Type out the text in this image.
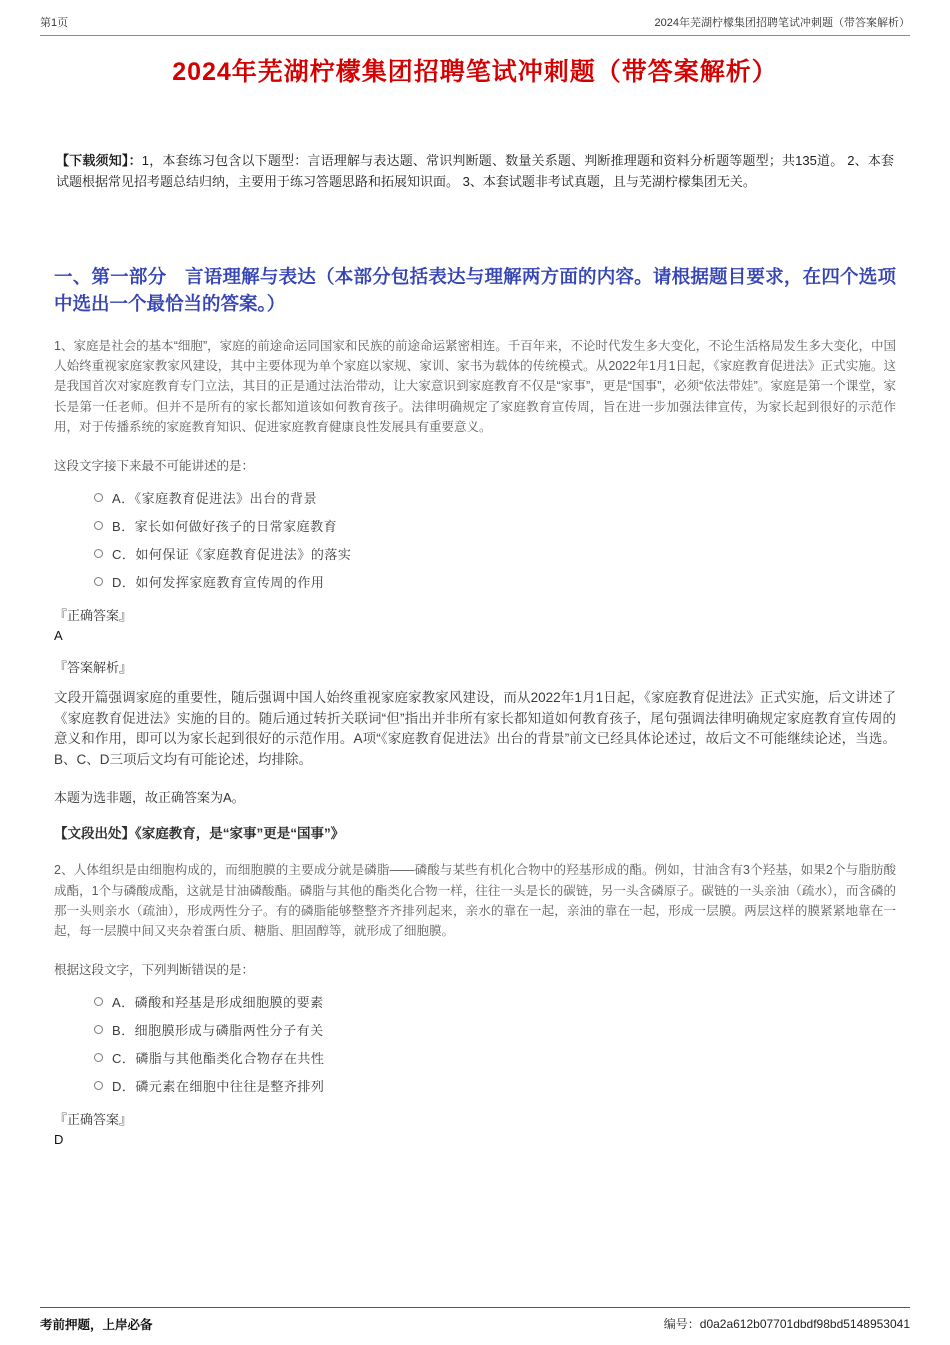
第1页	2024年芜湖柠檬集团招聘笔试冲刺题（带答案解析）
2024年芜湖柠檬集团招聘笔试冲刺题（带答案解析）

【下载须知】：1，本套练习包含以下题型：言语理解与表达题、常识判断题、数量关系题、判断推理题和资料分析题等题型；共135道。 2、本套试题根据常见招考题总结归纳，主要用于练习答题思路和拓展知识面。 3、本套试题非考试真题，且与芜湖柠檬集团无关。

一、第一部分　言语理解与表达（本部分包括表达与理解两方面的内容。请根据题目要求，在四个选项中选出一个最恰当的答案。）

1、家庭是社会的基本“细胞”，家庭的前途命运同国家和民族的前途命运紧密相连。千百年来，不论时代发生多大变化，不论生活格局发生多大变化，中国人始终重视家庭家教家风建设，其中主要体现为单个家庭以家规、家训、家书为载体的传统模式。从2022年1月1日起，《家庭教育促进法》正式实施。这是我国首次对家庭教育专门立法，其目的正是通过法治带动，让大家意识到家庭教育不仅是“家事”，更是“国事”，必须“依法带娃”。家庭是第一个课堂，家长是第一任老师。但并不是所有的家长都知道该如何教育孩子。法律明确规定了家庭教育宣传周，旨在进一步加强法律宣传，为家长起到很好的示范作用，对于传播系统的家庭教育知识、促进家庭教育健康良性发展具有重要意义。

这段文字接下来最不可能讲述的是：

A．《家庭教育促进法》出台的背景
B．家长如何做好孩子的日常家庭教育
C．如何保证《家庭教育促进法》的落实
D．如何发挥家庭教育宣传周的作用
『正确答案』
A
『答案解析』

文段开篇强调家庭的重要性，随后强调中国人始终重视家庭家教家风建设，而从2022年1月1日起，《家庭教育促进法》正式实施，后文讲述了《家庭教育促进法》实施的目的。随后通过转折关联词“但”指出并非所有家长都知道如何教育孩子，尾句强调法律明确规定家庭教育宣传周的意义和作用，即可以为家长起到很好的示范作用。A项“《家庭教育促进法》出台的背景”前文已经具体论述过，故后文不可能继续论述，当选。B、C、D三项后文均有可能论述，均排除。

本题为选非题，故正确答案为A。

【文段出处】《家庭教育，是“家事”更是“国事”》

2、人体组织是由细胞构成的，而细胞膜的主要成分就是磷脂——磷酸与某些有机化合物中的羟基形成的酯。例如，甘油含有3个羟基，如果2个与脂肪酸成酯，1个与磷酸成酯，这就是甘油磷酸酯。磷脂与其他的酯类化合物一样，往往一头是长的碳链，另一头含磷原子。碳链的一头亲油（疏水），而含磷的那一头则亲水（疏油），形成两性分子。有的磷脂能够整整齐齐排列起来，亲水的靠在一起，亲油的靠在一起，形成一层膜。两层这样的膜紧紧地靠在一起，每一层膜中间又夹杂着蛋白质、糖脂、胆固醇等，就形成了细胞膜。

根据这段文字，下列判断错误的是：

A．磷酸和羟基是形成细胞膜的要素
B．细胞膜形成与磷脂两性分子有关
C．磷脂与其他酯类化合物存在共性
D．磷元素在细胞中往往是整齐排列
『正确答案』
D
考前押题，上岸必备	编号：d0a2a612b07701dbdf98bd5148953041
